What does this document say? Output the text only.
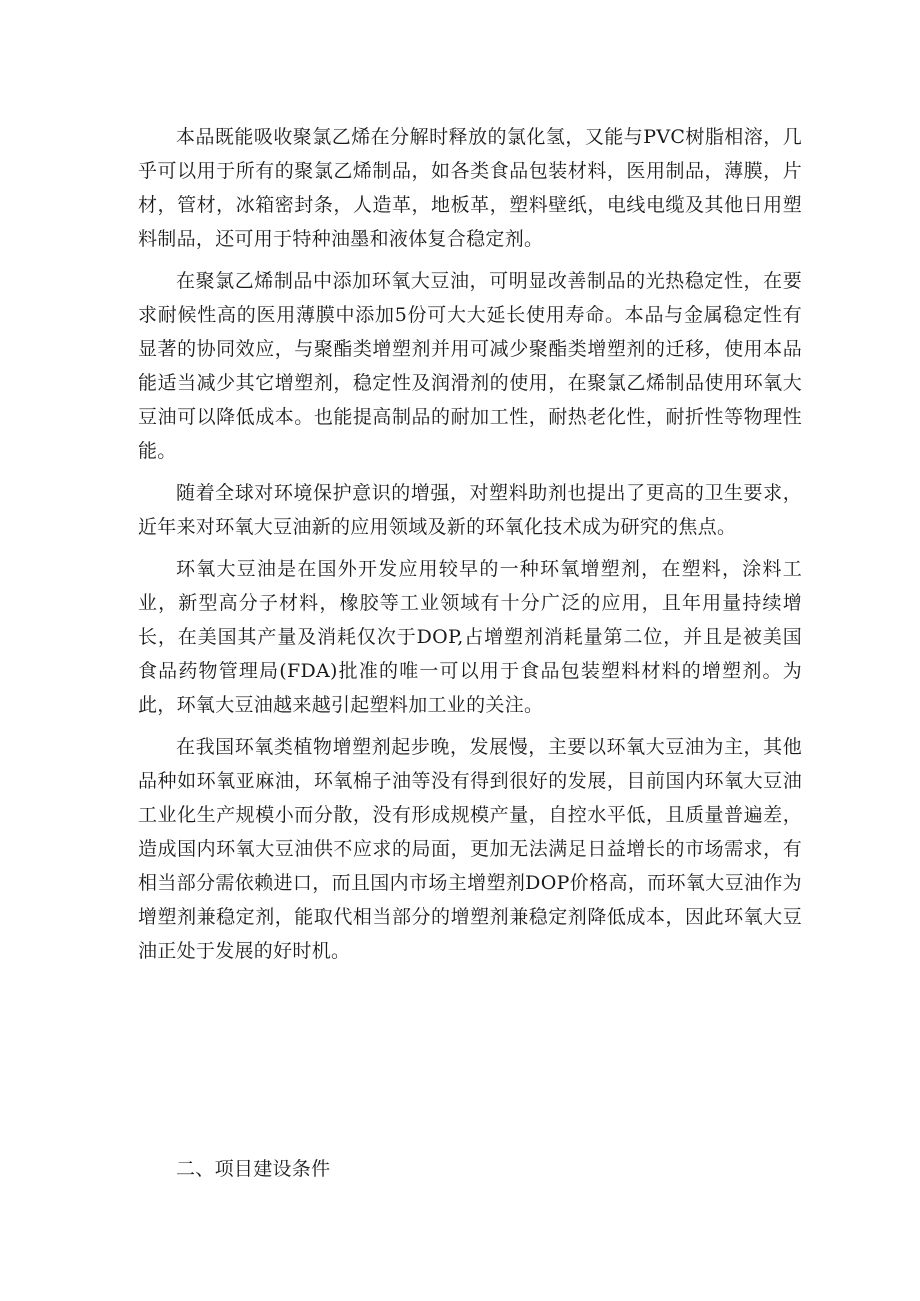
本品既能吸收聚氯乙烯在分解时释放的氯化氢，又能与PVC树脂相溶，几乎可以用于所有的聚氯乙烯制品，如各类食品包装材料，医用制品，薄膜，片材，管材，冰箱密封条，人造革，地板革，塑料壁纸，电线电缆及其他日用塑料制品，还可用于特种油墨和液体复合稳定剂。

在聚氯乙烯制品中添加环氧大豆油，可明显改善制品的光热稳定性，在要求耐候性高的医用薄膜中添加5份可大大延长使用寿命。本品与金属稳定性有显著的协同效应，与聚酯类增塑剂并用可减少聚酯类增塑剂的迁移，使用本品能适当减少其它增塑剂，稳定性及润滑剂的使用，在聚氯乙烯制品使用环氧大豆油可以降低成本。也能提高制品的耐加工性，耐热老化性，耐折性等物理性能。

随着全球对环境保护意识的增强，对塑料助剂也提出了更高的卫生要求，近年来对环氧大豆油新的应用领域及新的环氧化技术成为研究的焦点。

环氧大豆油是在国外开发应用较早的一种环氧增塑剂，在塑料，涂料工业，新型高分子材料，橡胶等工业领域有十分广泛的应用，且年用量持续增长，在美国其产量及消耗仅次于DOP,占增塑剂消耗量第二位，并且是被美国食品药物管理局(FDA)批准的唯一可以用于食品包装塑料材料的增塑剂。为此，环氧大豆油越来越引起塑料加工业的关注。

在我国环氧类植物增塑剂起步晚，发展慢，主要以环氧大豆油为主，其他品种如环氧亚麻油，环氧棉子油等没有得到很好的发展，目前国内环氧大豆油工业化生产规模小而分散，没有形成规模产量，自控水平低，且质量普遍差，造成国内环氧大豆油供不应求的局面，更加无法满足日益增长的市场需求，有相当部分需依赖进口，而且国内市场主增塑剂DOP价格高，而环氧大豆油作为增塑剂兼稳定剂，能取代相当部分的增塑剂兼稳定剂降低成本，因此环氧大豆油正处于发展的好时机。

二、项目建设条件
